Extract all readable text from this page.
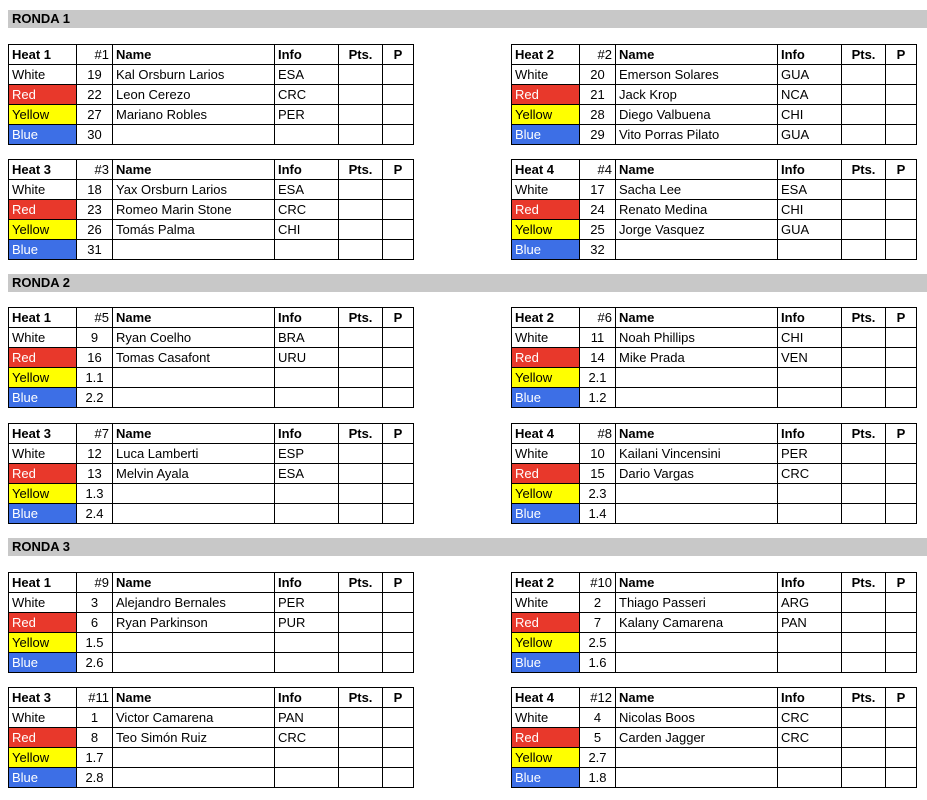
RONDA 1
Heat 1	#1	Name	Info	Pts.	P
White	19	Kal Orsburn Larios	ESA		
Red	22	Leon Cerezo	CRC		
Yellow	27	Mariano Robles	PER		
Blue	30				
Heat 2	#2	Name	Info	Pts.	P
White	20	Emerson Solares	GUA		
Red	21	Jack Krop	NCA		
Yellow	28	Diego Valbuena	CHI		
Blue	29	Vito Porras Pilato	GUA		
Heat 3	#3	Name	Info	Pts.	P
White	18	Yax Orsburn Larios	ESA		
Red	23	Romeo Marin Stone	CRC		
Yellow	26	Tomás Palma	CHI		
Blue	31				
Heat 4	#4	Name	Info	Pts.	P
White	17	Sacha Lee	ESA		
Red	24	Renato Medina	CHI		
Yellow	25	Jorge Vasquez	GUA		
Blue	32				
RONDA 2
Heat 1	#5	Name	Info	Pts.	P
White	9	Ryan Coelho	BRA		
Red	16	Tomas Casafont	URU		
Yellow	1.1				
Blue	2.2				
Heat 2	#6	Name	Info	Pts.	P
White	11	Noah Phillips	CHI		
Red	14	Mike Prada	VEN		
Yellow	2.1				
Blue	1.2				
Heat 3	#7	Name	Info	Pts.	P
White	12	Luca Lamberti	ESP		
Red	13	Melvin Ayala	ESA		
Yellow	1.3				
Blue	2.4				
Heat 4	#8	Name	Info	Pts.	P
White	10	Kailani Vincensini	PER		
Red	15	Dario Vargas	CRC		
Yellow	2.3				
Blue	1.4				
RONDA 3
Heat 1	#9	Name	Info	Pts.	P
White	3	Alejandro Bernales	PER		
Red	6	Ryan Parkinson	PUR		
Yellow	1.5				
Blue	2.6				
Heat 2	#10	Name	Info	Pts.	P
White	2	Thiago Passeri	ARG		
Red	7	Kalany Camarena	PAN		
Yellow	2.5				
Blue	1.6				
Heat 3	#11	Name	Info	Pts.	P
White	1	Victor Camarena	PAN		
Red	8	Teo Simón Ruiz	CRC		
Yellow	1.7				
Blue	2.8				
Heat 4	#12	Name	Info	Pts.	P
White	4	Nicolas Boos	CRC		
Red	5	Carden Jagger	CRC		
Yellow	2.7				
Blue	1.8				
